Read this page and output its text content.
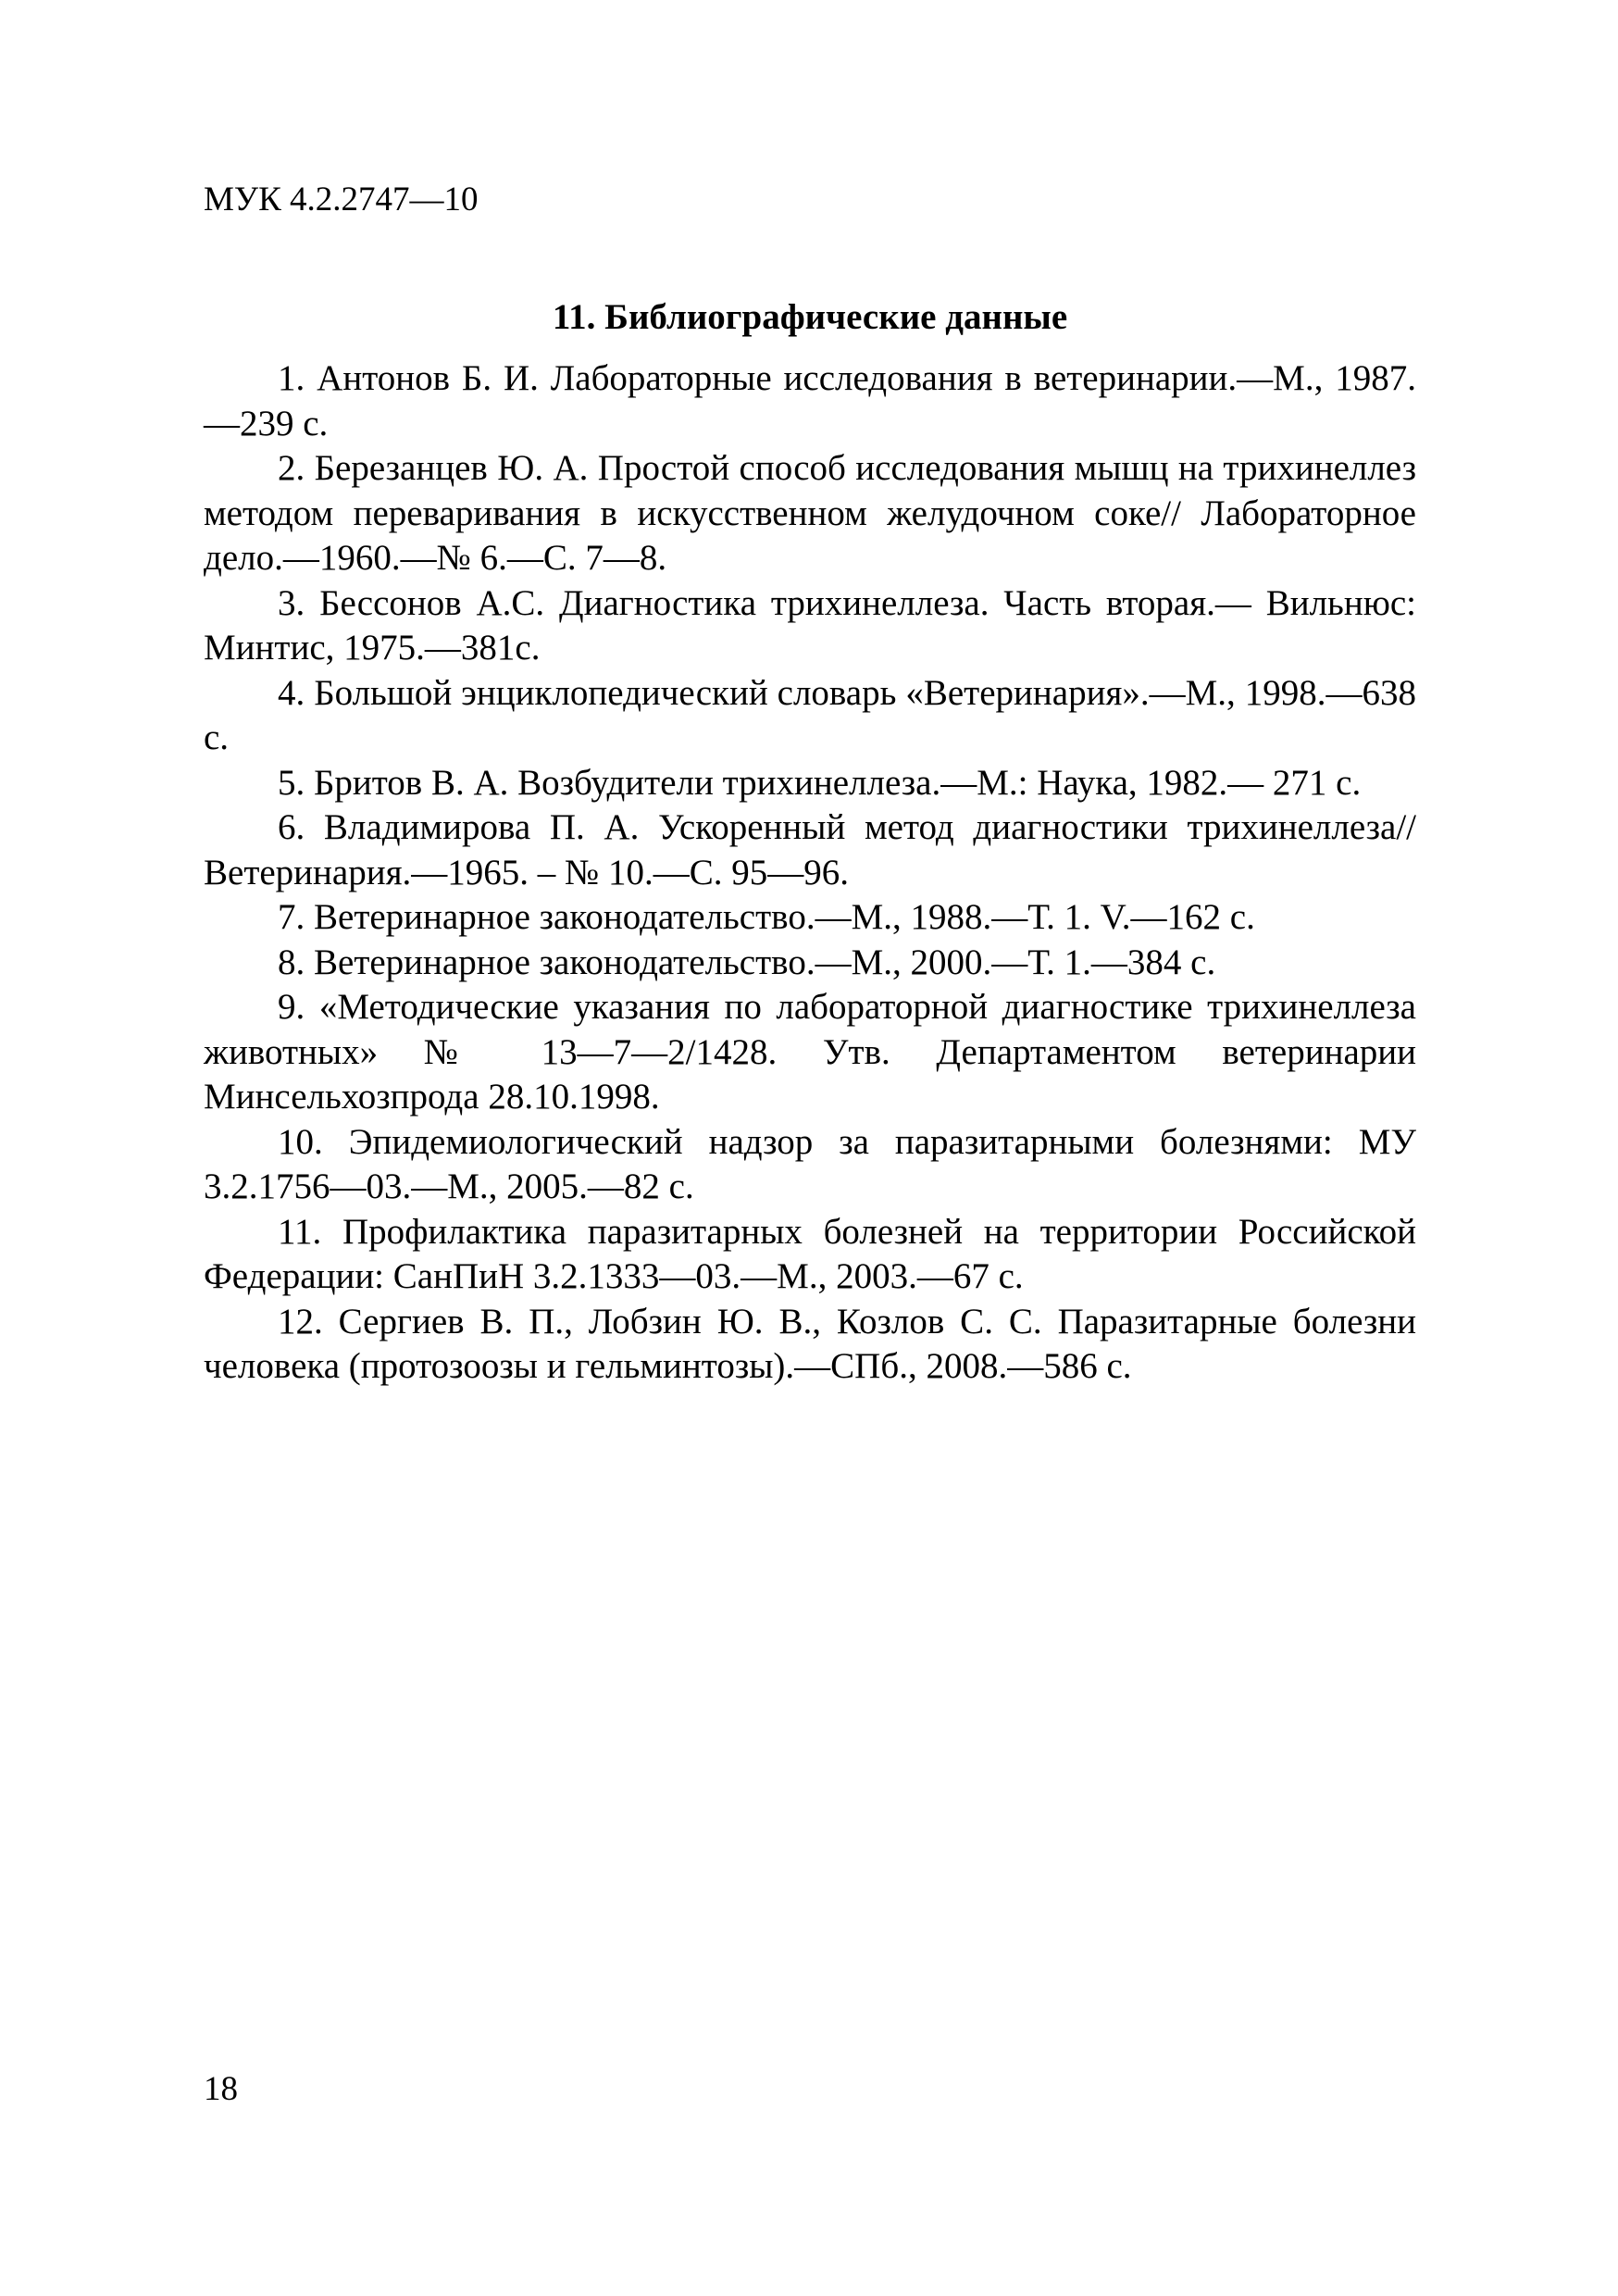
МУК 4.2.2747—10
11. Библиографические данные
1. Антонов Б. И. Лабораторные исследования в ветеринарии.—М., 1987.—239 с.
2. Березанцев Ю. А. Простой способ исследования мышц на трихинеллез методом переваривания в искусственном желудочном соке// Лабораторное дело.—1960.—№ 6.—С. 7—8.
3. Бессонов А.С. Диагностика трихинеллеза. Часть вторая.— Вильнюс: Минтис, 1975.—381с.
4. Большой энциклопедический словарь «Ветеринария».—М., 1998.—638 с.
5. Бритов В. А. Возбудители трихинеллеза.—М.: Наука, 1982.— 271 с.
6. Владимирова П. А. Ускоренный метод диагностики трихинеллеза// Ветеринария.—1965. – № 10.—С. 95—96.
7. Ветеринарное законодательство.—М., 1988.—Т. 1. V.—162 с.
8. Ветеринарное законодательство.—М., 2000.—Т. 1.—384 с.
9. «Методические указания по лабораторной диагностике трихинеллеза животных» № 13—7—2/1428. Утв. Департаментом ветеринарии Минсельхозпрода 28.10.1998.
10. Эпидемиологический надзор за паразитарными болезнями: МУ 3.2.1756—03.—М., 2005.—82 с.
11. Профилактика паразитарных болезней на территории Российской Федерации: СанПиН 3.2.1333—03.—М., 2003.—67 с.
12. Сергиев В. П., Лобзин Ю. В., Козлов С. С. Паразитарные болезни человека (протозоозы и гельминтозы).—СПб., 2008.—586 с.
18
